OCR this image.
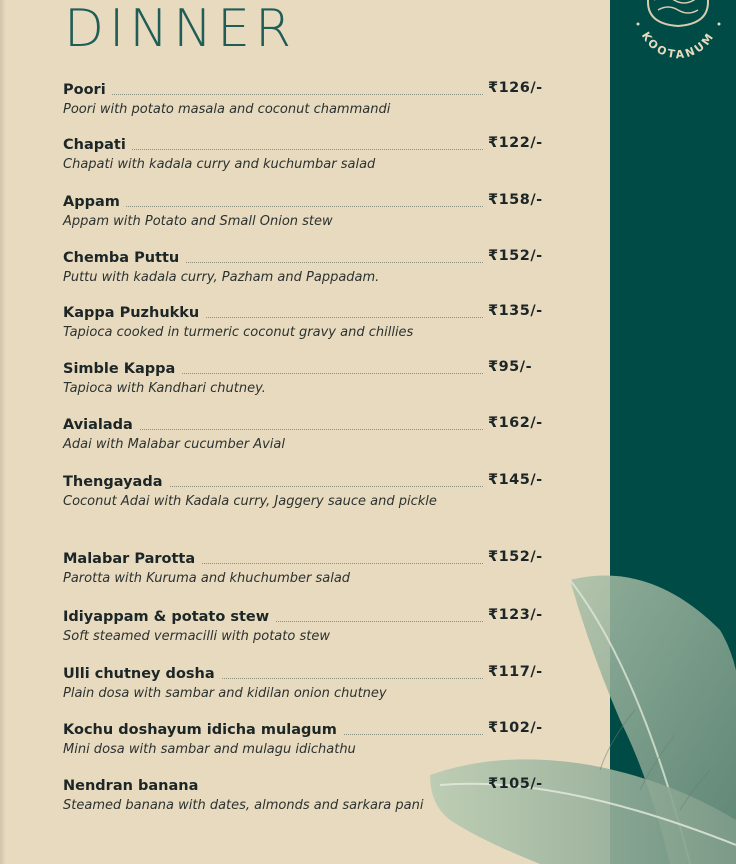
DINNER	KOOTANUM
Poori	₹126/-
Poori with potato masala and coconut chammandi
Chapati	₹122/-
Chapati with kadala curry and kuchumbar salad
Appam	₹158/-
Appam with Potato and Small Onion stew
Chemba Puttu	₹152/-
Puttu with kadala curry, Pazham and Pappadam.
Kappa Puzhukku	₹135/-
Tapioca cooked in turmeric coconut gravy and chillies
Simble Kappa	₹95/-
Tapioca with Kandhari chutney.
Avialada	₹162/-
Adai with Malabar cucumber Avial
Thengayada	₹145/-
Coconut Adai with Kadala curry, Jaggery sauce and pickle
Malabar Parotta	₹152/-
Parotta with Kuruma and khuchumber salad
Idiyappam & potato stew	₹123/-
Soft steamed vermacilli with potato stew
Ulli chutney dosha	₹117/-
Plain dosa with sambar and kidilan onion chutney
Kochu doshayum idicha mulagum	₹102/-
Mini dosa with sambar and mulagu idichathu
Nendran banana	₹105/-
Steamed banana with dates, almonds and sarkara pani
